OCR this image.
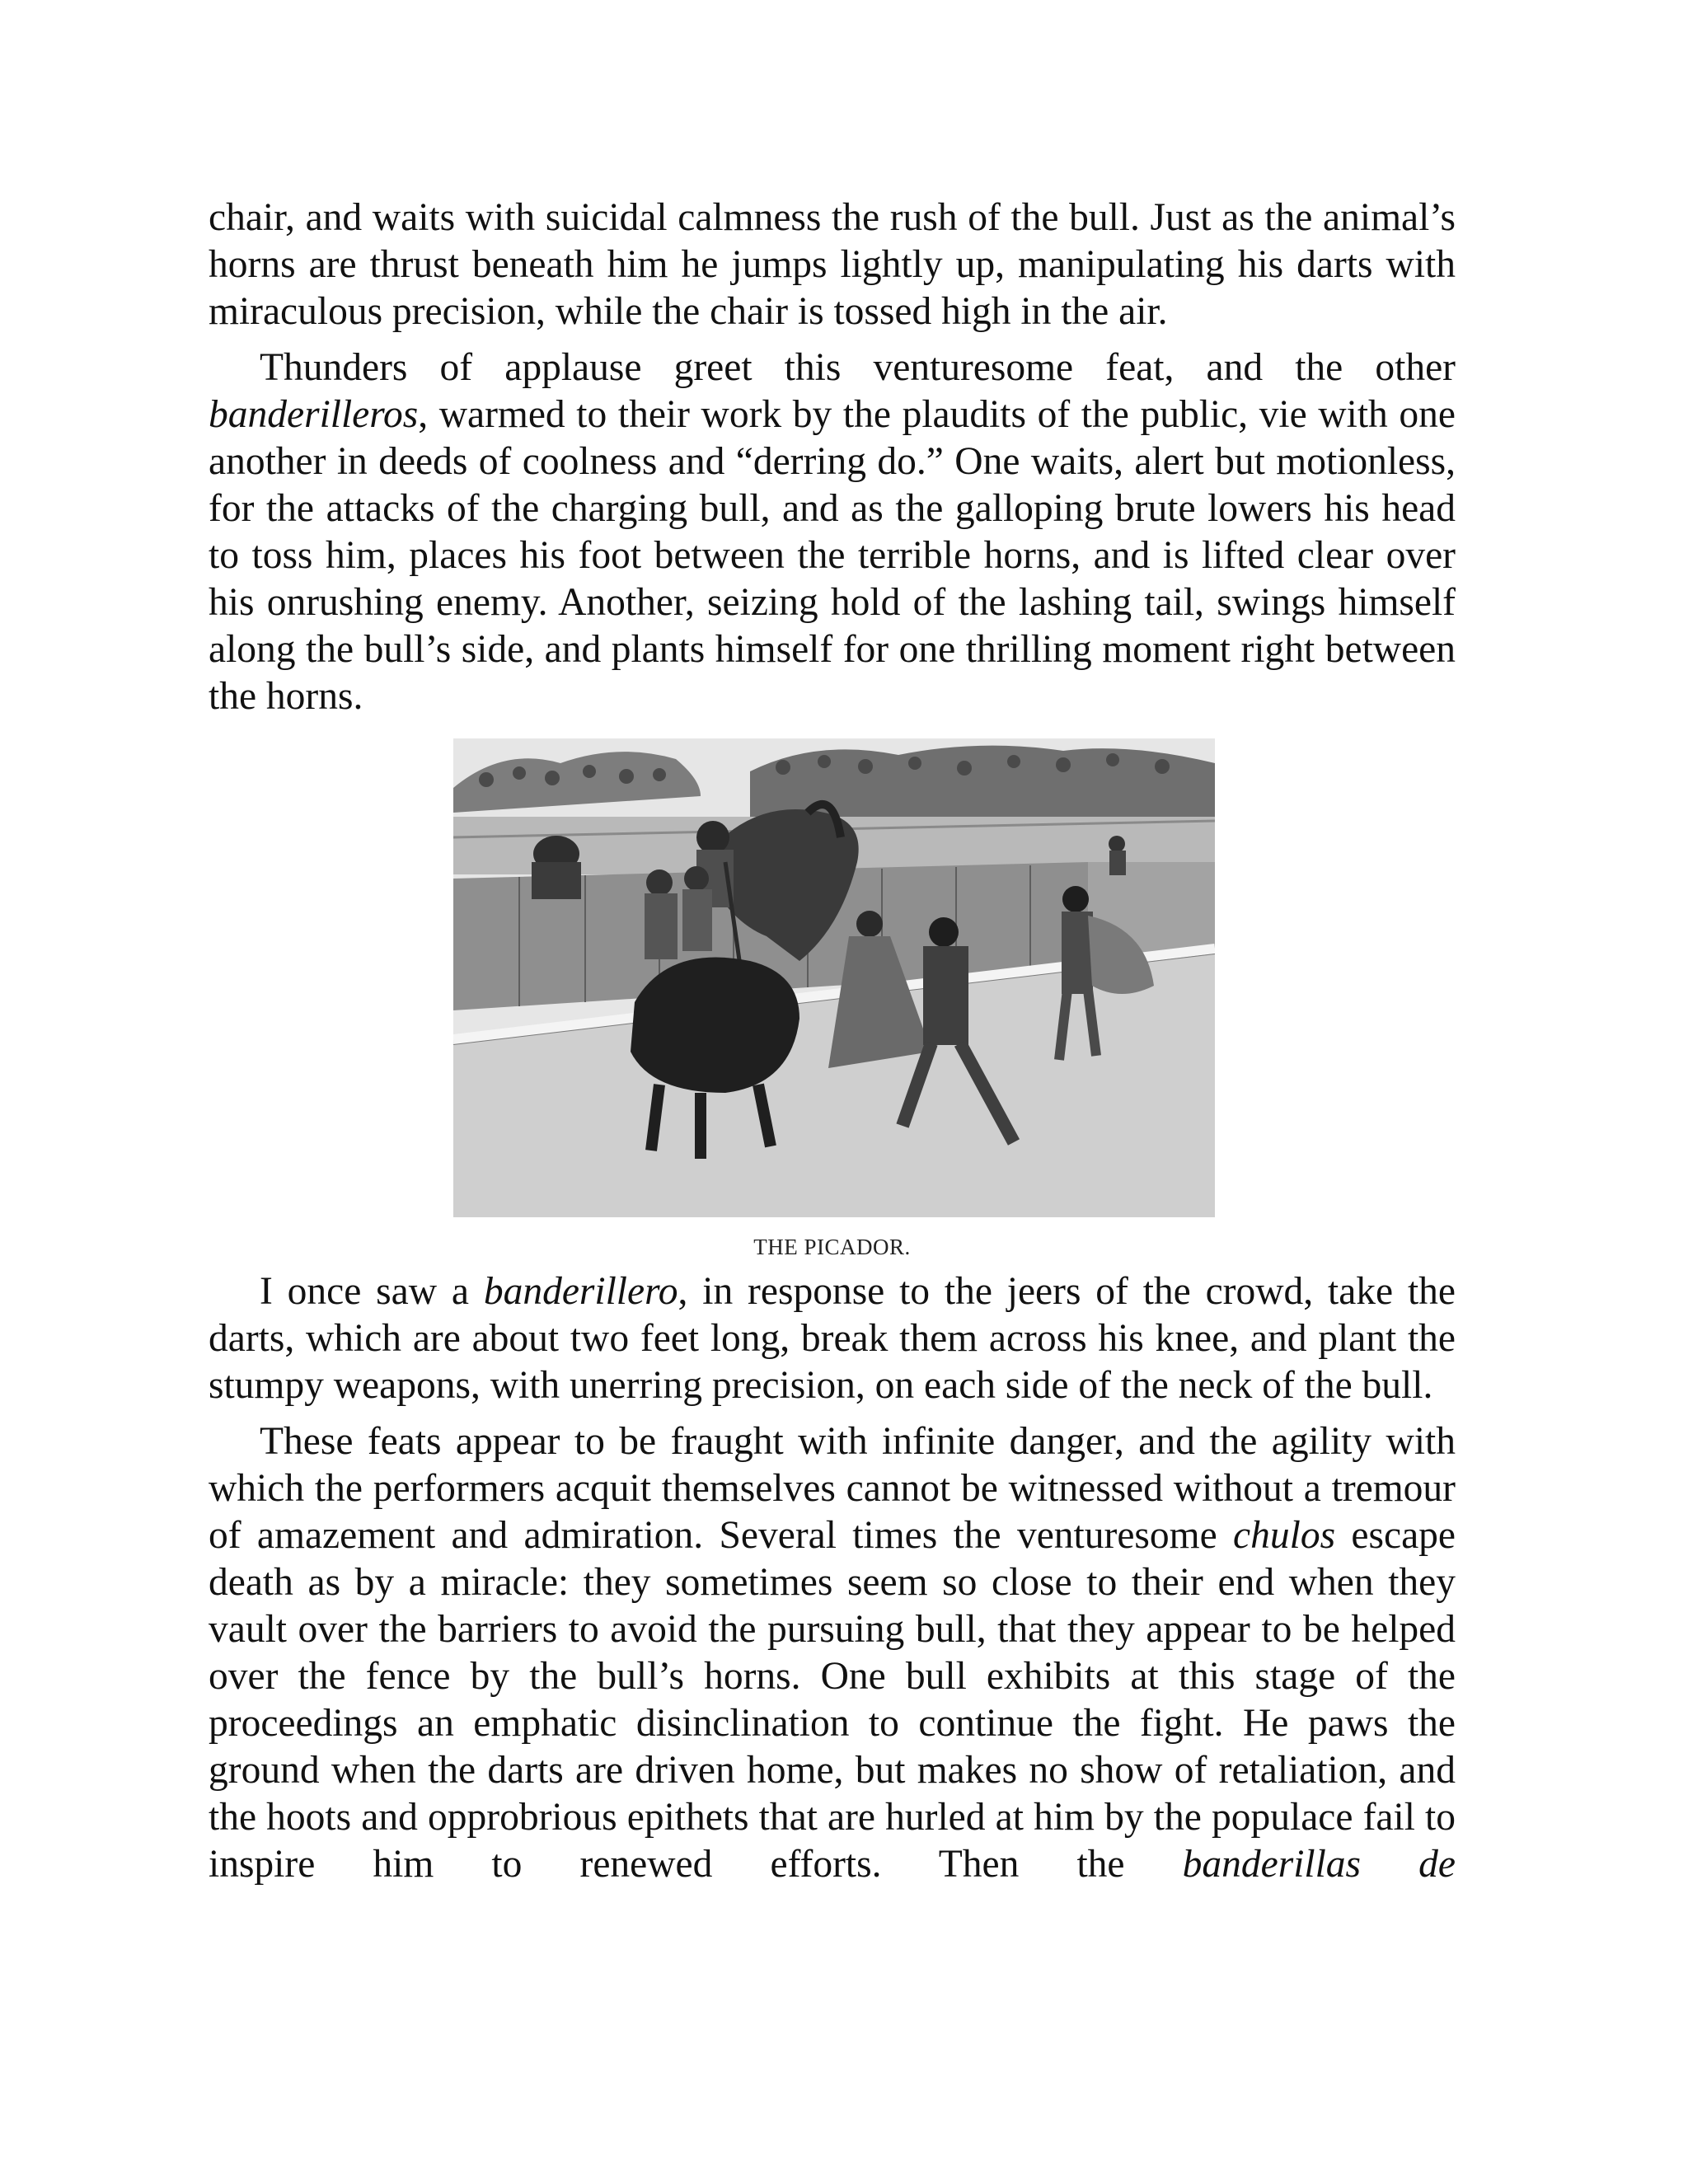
chair, and waits with suicidal calmness the rush of the bull. Just as the animal’s horns are thrust beneath him he jumps lightly up, manipulating his darts with miraculous precision, while the chair is tossed high in the air.

Thunders of applause greet this venturesome feat, and the other banderilleros, warmed to their work by the plaudits of the public, vie with one another in deeds of coolness and “derring do.” One waits, alert but motionless, for the attacks of the charging bull, and as the galloping brute lowers his head to toss him, places his foot between the terrible horns, and is lifted clear over his onrushing enemy. Another, seizing hold of the lashing tail, swings himself along the bull’s side, and plants himself for one thrilling moment right between the horns.

THE PICADOR.

I once saw a banderillero, in response to the jeers of the crowd, take the darts, which are about two feet long, break them across his knee, and plant the stumpy weapons, with unerring precision, on each side of the neck of the bull.

These feats appear to be fraught with infinite danger, and the agility with which the performers acquit themselves cannot be witnessed without a tremour of amazement and admiration. Several times the venturesome chulos escape death as by a miracle: they sometimes seem so close to their end when they vault over the barriers to avoid the pursuing bull, that they appear to be helped over the fence by the bull’s horns. One bull exhibits at this stage of the proceedings an emphatic disinclination to continue the fight. He paws the ground when the darts are driven home, but makes no show of retaliation, and the hoots and opprobrious epithets that are hurled at him by the populace fail to inspire him to renewed efforts. Then the banderillas de
